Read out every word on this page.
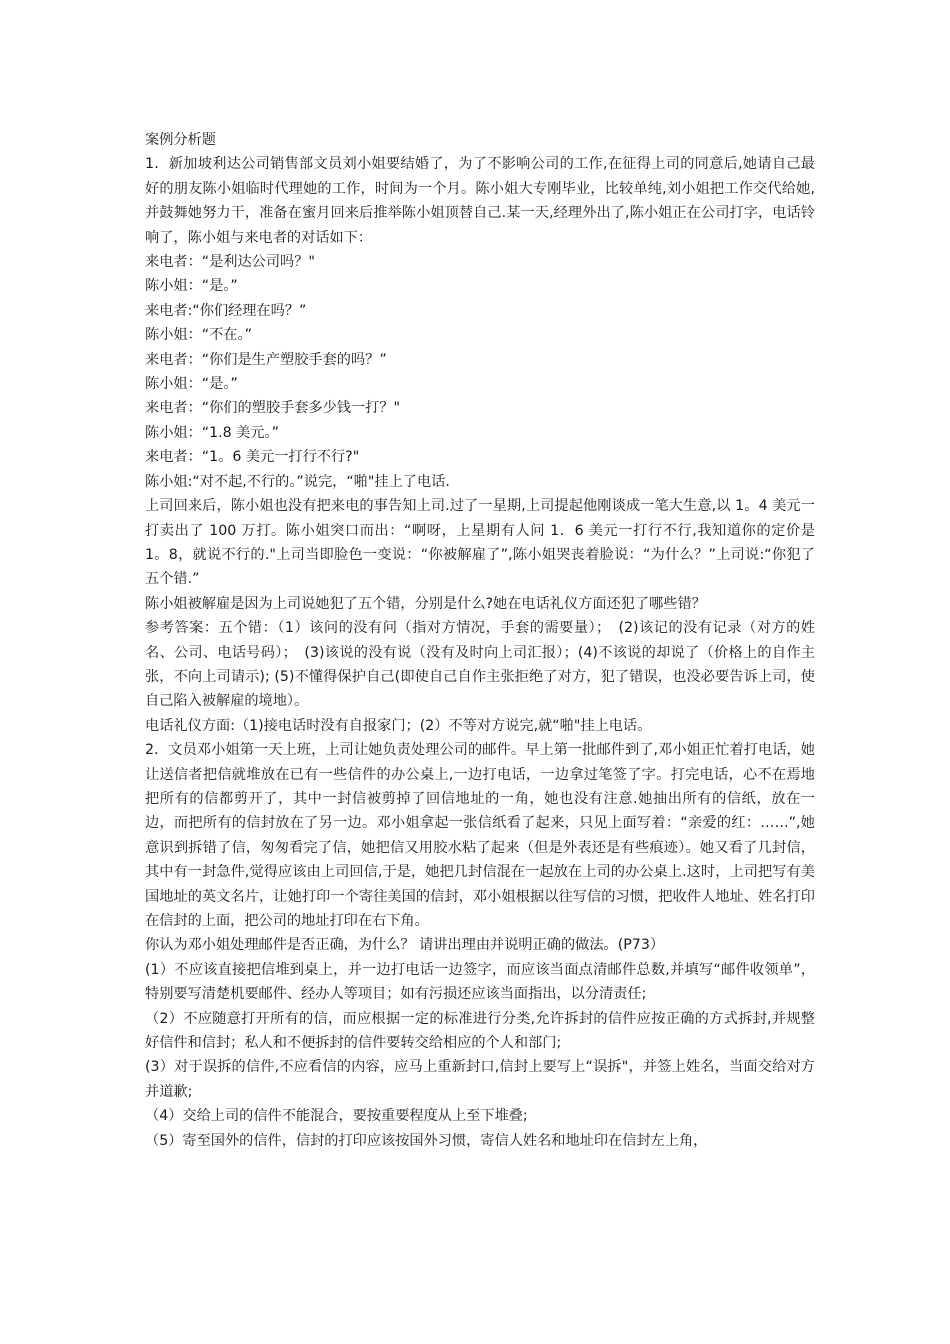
案例分析题

1．新加坡利达公司销售部文员刘小姐要结婚了，为了不影响公司的工作,在征得上司的同意后,她请自己最好的朋友陈小姐临时代理她的工作，时间为一个月。陈小姐大专刚毕业，比较单纯,刘小姐把工作交代给她,并鼓舞她努力干，准备在蜜月回来后推举陈小姐顶替自己.某一天,经理外出了,陈小姐正在公司打字，电话铃响了，陈小姐与来电者的对话如下：

来电者：“是利达公司吗？"

陈小姐：“是。”

来电者:“你们经理在吗？”

陈小姐：“不在。”

来电者：“你们是生产塑胶手套的吗？”

陈小姐：“是。”

来电者：“你们的塑胶手套多少钱一打？"

陈小姐：“1.8 美元。”

来电者：“1。6 美元一打行不行?"

陈小姐:“对不起,不行的。”说完，“啪"挂上了电话.

上司回来后，陈小姐也没有把来电的事告知上司.过了一星期,上司提起他刚谈成一笔大生意,以 1。4 美元一打卖出了 100 万打。陈小姐突口而出：“啊呀，上星期有人问 1．6 美元一打行不行,我知道你的定价是 1。8，就说不行的."上司当即脸色一变说：“你被解雇了”,陈小姐哭丧着脸说：“为什么？”上司说:“你犯了五个错.”

陈小姐被解雇是因为上司说她犯了五个错，分别是什么?她在电话礼仪方面还犯了哪些错？

参考答案：五个错：（1）该问的没有问（指对方情况，手套的需要量）；　(2)该记的没有记录（对方的姓名、公司、电话号码）；　(3)该说的没有说（没有及时向上司汇报）；(4)不该说的却说了（价格上的自作主张，不向上司请示); (5)不懂得保护自己(即使自己自作主张拒绝了对方，犯了错误，也没必要告诉上司，使自己陷入被解雇的境地）。

电话礼仪方面:（1)接电话时没有自报家门；(2）不等对方说完,就“啪"挂上电话。

2．文员邓小姐第一天上班，上司让她负责处理公司的邮件。早上第一批邮件到了,邓小姐正忙着打电话，她让送信者把信就堆放在已有一些信件的办公桌上,一边打电话，一边拿过笔签了字。打完电话，心不在焉地把所有的信都剪开了，其中一封信被剪掉了回信地址的一角，她也没有注意.她抽出所有的信纸，放在一边，而把所有的信封放在了另一边。邓小姐拿起一张信纸看了起来，只见上面写着：“亲爱的红：……”,她意识到拆错了信，匆匆看完了信，她把信又用胶水粘了起来（但是外表还是有些痕迹）。她又看了几封信，其中有一封急件,觉得应该由上司回信,于是，她把几封信混在一起放在上司的办公桌上.这时，上司把写有美国地址的英文名片，让她打印一个寄往美国的信封，邓小姐根据以往写信的习惯，把收件人地址、姓名打印在信封的上面，把公司的地址打印在右下角。

你认为邓小姐处理邮件是否正确，为什么？ 请讲出理由并说明正确的做法。(P73）

(1）不应该直接把信堆到桌上，并一边打电话一边签字，而应该当面点清邮件总数,并填写“邮件收领单”，特别要写清楚机要邮件、经办人等项目；如有污损还应该当面指出，以分清责任;

（2）不应随意打开所有的信，而应根据一定的标准进行分类,允许拆封的信件应按正确的方式拆封,并规整好信件和信封；私人和不便拆封的信件要转交给相应的个人和部门;

(3）对于误拆的信件,不应看信的内容，应马上重新封口,信封上要写上“误拆"，并签上姓名，当面交给对方并道歉;

（4）交给上司的信件不能混合，要按重要程度从上至下堆叠;

（5）寄至国外的信件，信封的打印应该按国外习惯，寄信人姓名和地址印在信封左上角，
